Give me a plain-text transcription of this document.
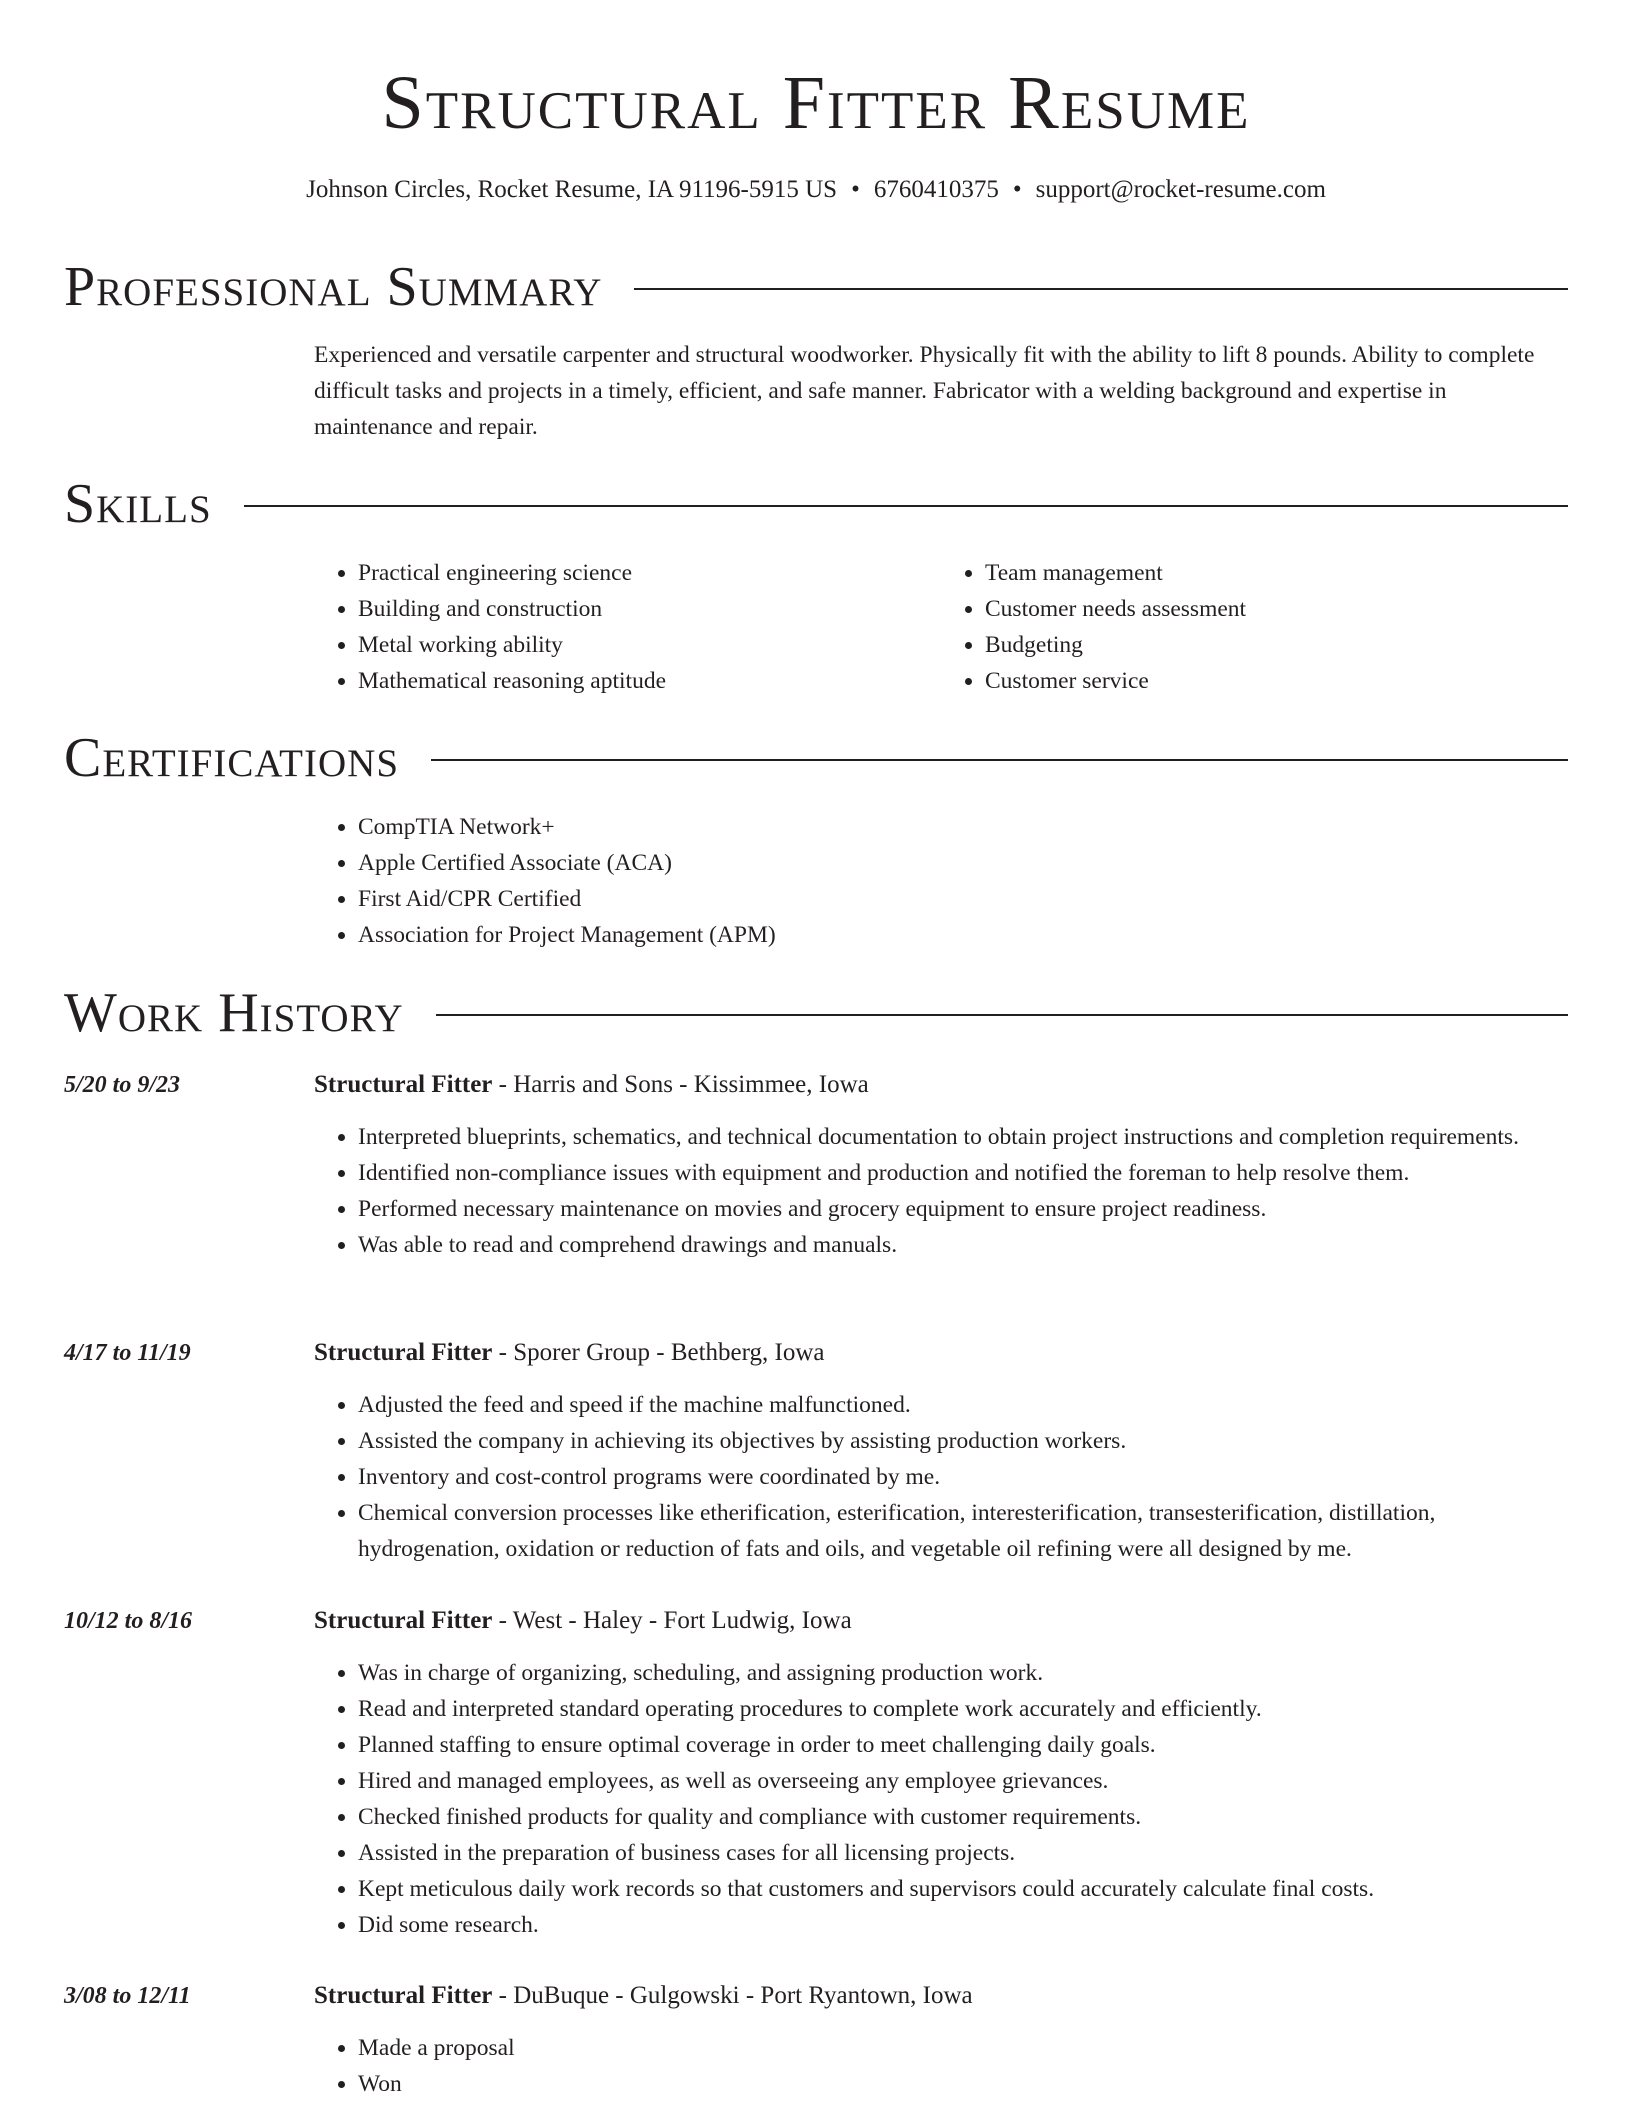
Structural Fitter Resume
Johnson Circles, Rocket Resume, IA 91196-5915 US • 6760410375 • support@rocket-resume.com
Professional Summary

Experienced and versatile carpenter and structural woodworker. Physically fit with the ability to lift 8 pounds. Ability to complete difficult tasks and projects in a timely, efficient, and safe manner. Fabricator with a welding background and expertise in maintenance and repair.

Skills
• Practical engineering science
• Building and construction
• Metal working ability
• Mathematical reasoning aptitude
• Team management
• Customer needs assessment
• Budgeting
• Customer service
Certifications
• CompTIA Network+
• Apple Certified Associate (ACA)
• First Aid/CPR Certified
• Association for Project Management (APM)
Work History
5/20 to 9/23	Structural Fitter - Harris and Sons - Kissimmee, Iowa
• Interpreted blueprints, schematics, and technical documentation to obtain project instructions and completion requirements.
• Identified non-compliance issues with equipment and production and notified the foreman to help resolve them.
• Performed necessary maintenance on movies and grocery equipment to ensure project readiness.
• Was able to read and comprehend drawings and manuals.
4/17 to 11/19	Structural Fitter - Sporer Group - Bethberg, Iowa
• Adjusted the feed and speed if the machine malfunctioned.
• Assisted the company in achieving its objectives by assisting production workers.
• Inventory and cost-control programs were coordinated by me.
• Chemical conversion processes like etherification, esterification, interesterification, transesterification, distillation, hydrogenation, oxidation or reduction of fats and oils, and vegetable oil refining were all designed by me.
10/12 to 8/16	Structural Fitter - West - Haley - Fort Ludwig, Iowa
• Was in charge of organizing, scheduling, and assigning production work.
• Read and interpreted standard operating procedures to complete work accurately and efficiently.
• Planned staffing to ensure optimal coverage in order to meet challenging daily goals.
• Hired and managed employees, as well as overseeing any employee grievances.
• Checked finished products for quality and compliance with customer requirements.
• Assisted in the preparation of business cases for all licensing projects.
• Kept meticulous daily work records so that customers and supervisors could accurately calculate final costs.
• Did some research.
3/08 to 12/11	Structural Fitter - DuBuque - Gulgowski - Port Ryantown, Iowa
• Made a proposal
• Won
